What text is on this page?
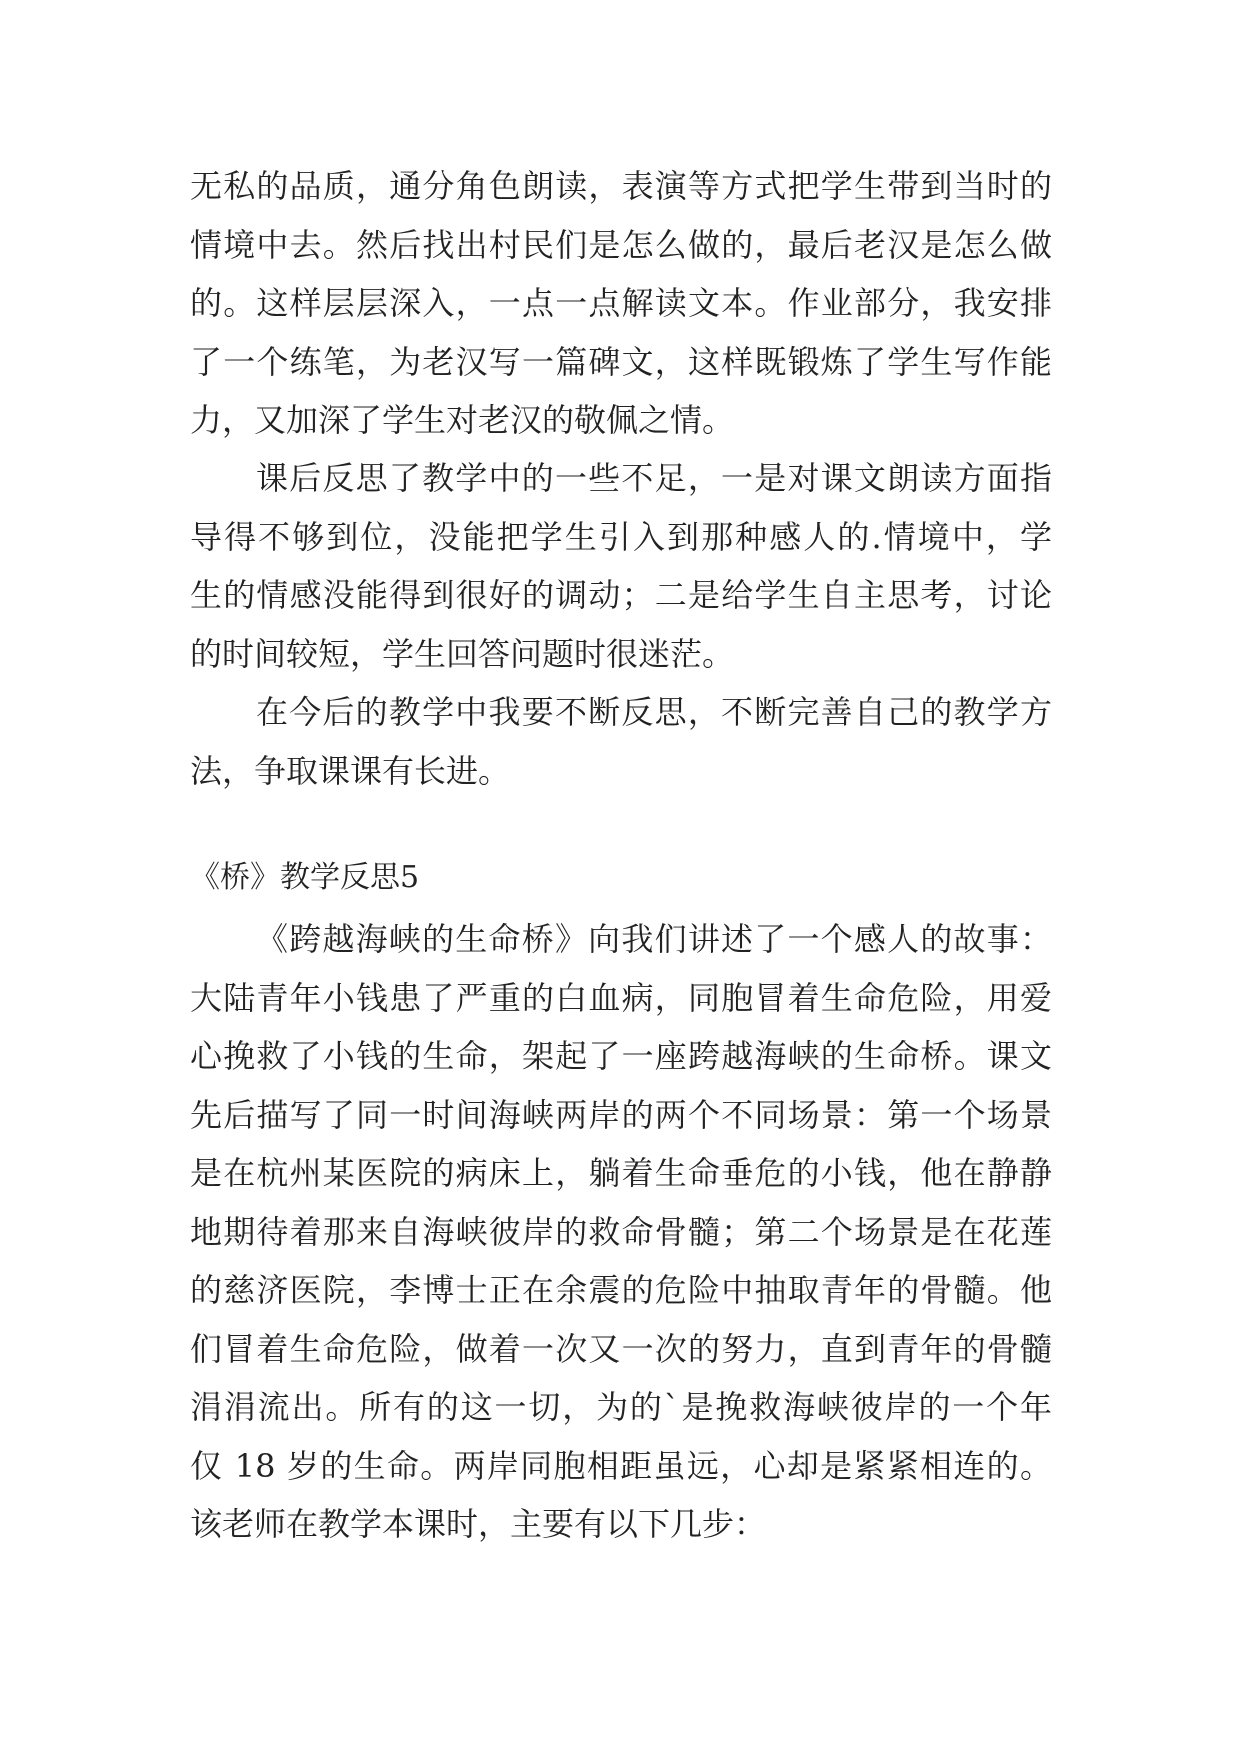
无私的品质，通分角色朗读，表演等方式把学生带到当时的
情境中去。然后找出村民们是怎么做的，最后老汉是怎么做
的。这样层层深入，一点一点解读文本。作业部分，我安排
了一个练笔，为老汉写一篇碑文，这样既锻炼了学生写作能
力，又加深了学生对老汉的敬佩之情。
课后反思了教学中的一些不足，一是对课文朗读方面指
导得不够到位，没能把学生引入到那种感人的.情境中，学
生的情感没能得到很好的调动；二是给学生自主思考，讨论
的时间较短，学生回答问题时很迷茫。
在今后的教学中我要不断反思，不断完善自己的教学方
法，争取课课有长进。
《桥》教学反思5
《跨越海峡的生命桥》向我们讲述了一个感人的故事：
大陆青年小钱患了严重的白血病，同胞冒着生命危险，用爱
心挽救了小钱的生命，架起了一座跨越海峡的生命桥。课文
先后描写了同一时间海峡两岸的两个不同场景：第一个场景
是在杭州某医院的病床上，躺着生命垂危的小钱，他在静静
地期待着那来自海峡彼岸的救命骨髓；第二个场景是在花莲
的慈济医院，李博士正在余震的危险中抽取青年的骨髓。他
们冒着生命危险，做着一次又一次的努力，直到青年的骨髓
涓涓流出。所有的这一切，为的`是挽救海峡彼岸的一个年
仅 18 岁的生命。两岸同胞相距虽远，心却是紧紧相连的。
该老师在教学本课时，主要有以下几步：
